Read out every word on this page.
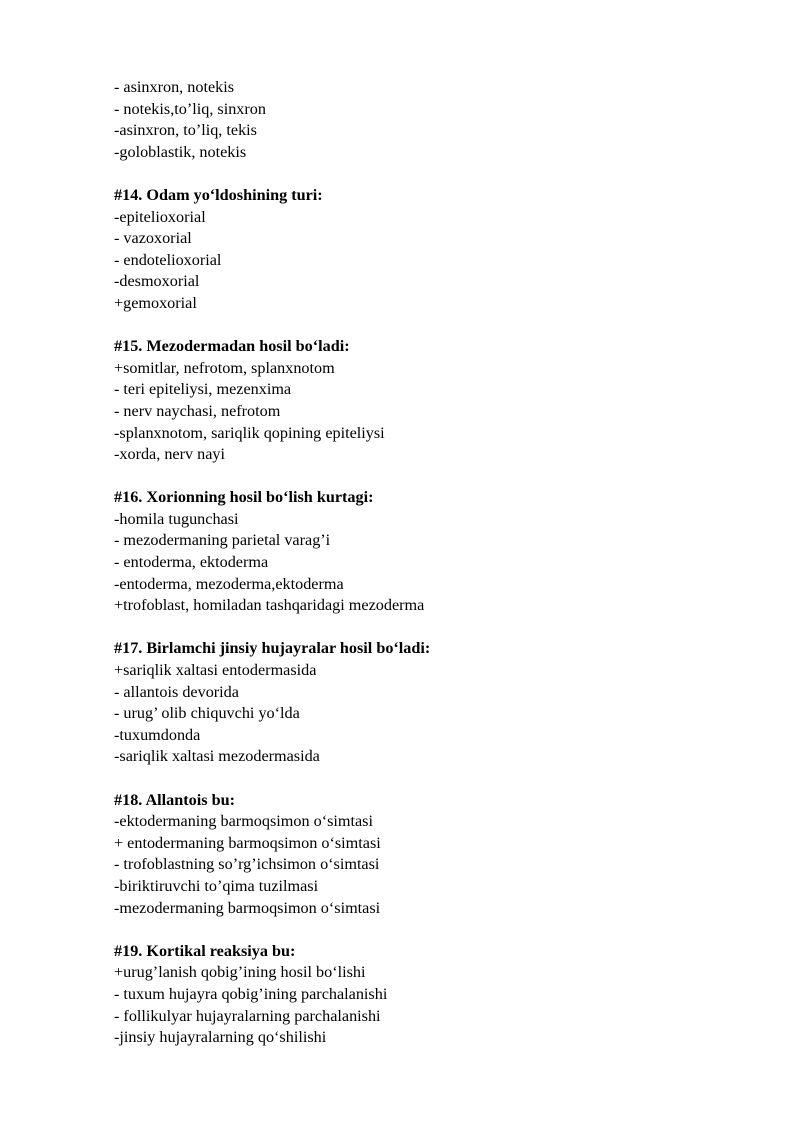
- asinxron, notekis
- notekis,to’liq, sinxron
-asinxron, to’liq, tekis
-goloblastik, notekis
#14. Odam yo‘ldoshining turi:
-epitelioxorial
- vazoxorial
- endotelioxorial
-desmoxorial
+gemoxorial
#15. Mezodermadan hosil bo‘ladi:
+somitlar, nefrotom, splanxnotom
- teri epiteliysi, mezenxima
- nerv naychasi, nefrotom
-splanxnotom, sariqlik qopining epiteliysi
-xorda, nerv nayi
#16. Xorionning hosil bo‘lish kurtagi:
-homila tugunchasi
- mezodermaning parietal varag’i
- entoderma, ektoderma
-entoderma, mezoderma,ektoderma
+trofoblast, homiladan tashqaridagi mezoderma
#17. Birlamchi jinsiy hujayralar hosil bo‘ladi:
+sariqlik xaltasi entodermasida
- allantois devorida
- urug’ olib chiquvchi yo‘lda
-tuxumdonda
-sariqlik xaltasi mezodermasida
#18. Allantois bu:
-ektodermaning barmoqsimon o‘simtasi
+ entodermaning barmoqsimon o‘simtasi
- trofoblastning so’rg’ichsimon o‘simtasi
-biriktiruvchi to’qima tuzilmasi
-mezodermaning barmoqsimon o‘simtasi
#19. Kortikal reaksiya bu:
+urug’lanish qobig’ining hosil bo‘lishi
- tuxum hujayra qobig’ining parchalanishi
- follikulyar hujayralarning parchalanishi
-jinsiy hujayralarning qo‘shilishi
